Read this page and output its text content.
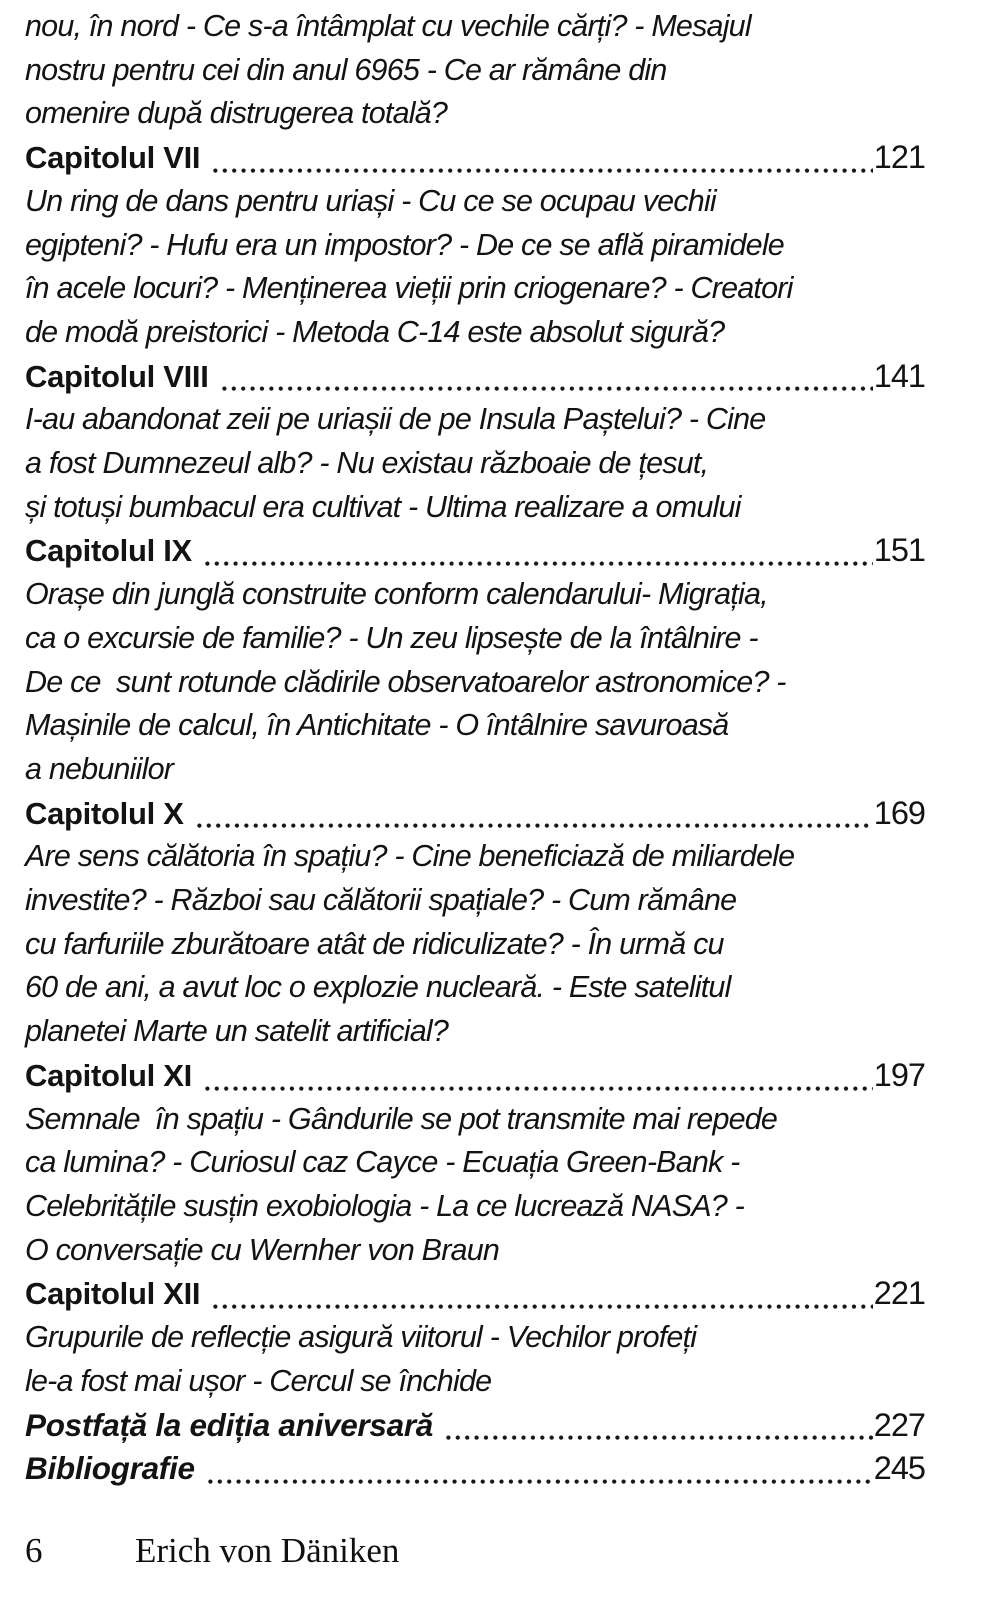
nou, în nord - Ce s-a întâmplat cu vechile cărți? - Mesajul

nostru pentru cei din anul 6965 - Ce ar rămâne din

omenire după distrugerea totală?

Capitolul VII	121

Un ring de dans pentru uriași - Cu ce se ocupau vechii

egipteni? - Hufu era un impostor? - De ce se află piramidele

în acele locuri? - Menținerea vieții prin criogenare? - Creatori

de modă preistorici - Metoda C-14 este absolut sigură?

Capitolul VIII	141

I-au abandonat zeii pe uriașii de pe Insula Paștelui? - Cine

a fost Dumnezeul alb? - Nu existau războaie de țesut,

și totuși bumbacul era cultivat - Ultima realizare a omului

Capitolul IX	151

Orașe din junglă construite conform calendarului- Migrația,

ca o excursie de familie? - Un zeu lipsește de la întâlnire -

De ce  sunt rotunde clădirile observatoarelor astronomice? -

Mașinile de calcul, în Antichitate - O întâlnire savuroasă

a nebuniilor

Capitolul X	169

Are sens călătoria în spațiu? - Cine beneficiază de miliardele

investite? - Război sau călătorii spațiale? - Cum rămâne

cu farfuriile zburătoare atât de ridiculizate? - În urmă cu

60 de ani, a avut loc o explozie nucleară. - Este satelitul

planetei Marte un satelit artificial?

Capitolul XI	197

Semnale  în spațiu - Gândurile se pot transmite mai repede

ca lumina? - Curiosul caz Cayce - Ecuația Green-Bank -

Celebritățile susțin exobiologia - La ce lucrează NASA? -

O conversație cu Wernher von Braun

Capitolul XII	221

Grupurile de reflecție asigură viitorul - Vechilor profeți

le-a fost mai ușor - Cercul se închide

Postfață la ediția aniversară	227
Bibliografie	245
6	Erich von Däniken
